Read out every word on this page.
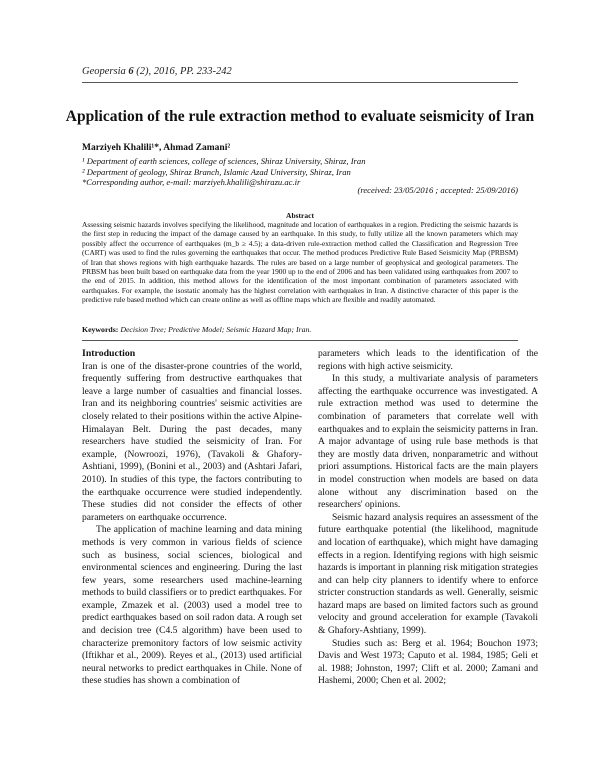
Geopersia 6 (2), 2016, PP. 233-242
Application of the rule extraction method to evaluate seismicity of Iran
Marziyeh Khalili¹*, Ahmad Zamani²
¹ Department of earth sciences, college of sciences, Shiraz University, Shiraz, Iran
² Department of geology, Shiraz Branch, Islamic Azad University, Shiraz, Iran
*Corresponding author, e-mail: marziyeh.khalili@shirazu.ac.ir
(received: 23/05/2016 ; accepted: 25/09/2016)
Abstract
Assessing seismic hazards involves specifying the likelihood, magnitude and location of earthquakes in a region. Predicting the seismic hazards is the first step in reducing the impact of the damage caused by an earthquake. In this study, to fully utilize all the known parameters which may possibly affect the occurrence of earthquakes (m_b ≥ 4.5); a data-driven rule-extraction method called the Classification and Regression Tree (CART) was used to find the rules governing the earthquakes that occur. The method produces Predictive Rule Based Seismicity Map (PRBSM) of Iran that shows regions with high earthquake hazards. The rules are based on a large number of geophysical and geological parameters. The PRBSM has been built based on earthquake data from the year 1900 up to the end of 2006 and has been validated using earthquakes from 2007 to the end of 2015. In addition, this method allows for the identification of the most important combination of parameters associated with earthquakes. For example, the isostatic anomaly has the highest correlation with earthquakes in Iran. A distinctive character of this paper is the predictive rule based method which can create online as well as offline maps which are flexible and readily automated.
Keywords: Decision Tree; Predictive Model; Seismic Hazard Map; Iran.

Introduction

Iran is one of the disaster-prone countries of the world, frequently suffering from destructive earthquakes that leave a large number of casualties and financial losses. Iran and its neighboring countries' seismic activities are closely related to their positions within the active Alpine-Himalayan Belt. During the past decades, many researchers have studied the seismicity of Iran. For example, (Nowroozi, 1976), (Tavakoli & Ghafory-Ashtiani, 1999), (Bonini et al., 2003) and (Ashtari Jafari, 2010). In studies of this type, the factors contributing to the earthquake occurrence were studied independently. These studies did not consider the effects of other parameters on earthquake occurrence.

The application of machine learning and data mining methods is very common in various fields of science such as business, social sciences, biological and environmental sciences and engineering. During the last few years, some researchers used machine-learning methods to build classifiers or to predict earthquakes. For example, Zmazek et al. (2003) used a model tree to predict earthquakes based on soil radon data. A rough set and decision tree (C4.5 algorithm) have been used to characterize premonitory factors of low seismic activity (Iftikhar et al., 2009). Reyes et al., (2013) used artificial neural networks to predict earthquakes in Chile. None of these studies has shown a combination of

parameters which leads to the identification of the regions with high active seismicity.

In this study, a multivariate analysis of parameters affecting the earthquake occurrence was investigated. A rule extraction method was used to determine the combination of parameters that correlate well with earthquakes and to explain the seismicity patterns in Iran. A major advantage of using rule base methods is that they are mostly data driven, nonparametric and without priori assumptions. Historical facts are the main players in model construction when models are based on data alone without any discrimination based on the researchers' opinions.

Seismic hazard analysis requires an assessment of the future earthquake potential (the likelihood, magnitude and location of earthquake), which might have damaging effects in a region. Identifying regions with high seismic hazards is important in planning risk mitigation strategies and can help city planners to identify where to enforce stricter construction standards as well. Generally, seismic hazard maps are based on limited factors such as ground velocity and ground acceleration for example (Tavakoli & Ghafory-Ashtiany, 1999).

Studies such as: Berg et al. 1964; Bouchon 1973; Davis and West 1973; Caputo et al. 1984, 1985; Geli et al. 1988; Johnston, 1997; Clift et al. 2000; Zamani and Hashemi, 2000; Chen et al. 2002;
